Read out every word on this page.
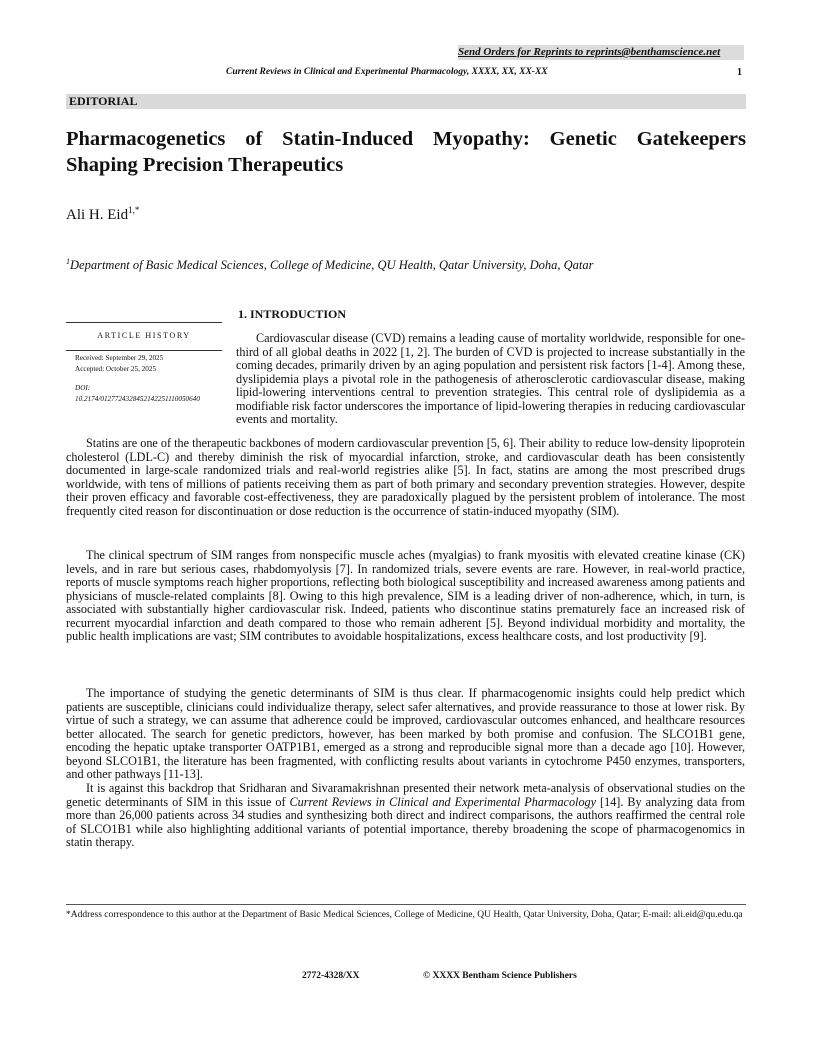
Send Orders for Reprints to reprints@benthamscience.net
Current Reviews in Clinical and Experimental Pharmacology, XXXX, XX, XX-XX	1
EDITORIAL
Pharmacogenetics of Statin-Induced Myopathy: Genetic Gatekeepers Shaping Precision Therapeutics
Ali H. Eid$^{1,*}$
$^1$Department of Basic Medical Sciences, College of Medicine, QU Health, Qatar University, Doha, Qatar
ARTICLE HISTORY
Received: September 29, 2025
Accepted: October 25, 2025
DOI:
10.2174/0127724328452142251110050640
1. INTRODUCTION
Cardiovascular disease (CVD) remains a leading cause of mortality worldwide, responsible for one-third of all global deaths in 2022 [1, 2]. The burden of CVD is projected to increase substantially in the coming decades, primarily driven by an aging population and persistent risk factors [1-4]. Among these, dyslipidemia plays a pivotal role in the pathogenesis of atherosclerotic cardiovascular disease, making lipid-lowering interventions central to prevention strategies. This central role of dyslipidemia as a modifiable risk factor underscores the importance of lipid-lowering therapies in reducing cardiovascular events and mortality.
Statins are one of the therapeutic backbones of modern cardiovascular prevention [5, 6]. Their ability to reduce low-density lipoprotein cholesterol (LDL-C) and thereby diminish the risk of myocardial infarction, stroke, and cardiovascular death has been consistently documented in large-scale randomized trials and real-world registries alike [5]. In fact, statins are among the most prescribed drugs worldwide, with tens of millions of patients receiving them as part of both primary and secondary prevention strategies. However, despite their proven efficacy and favorable cost-effectiveness, they are paradoxically plagued by the persistent problem of intolerance. The most frequently cited reason for discontinuation or dose reduction is the occurrence of statin-induced myopathy (SIM).
The clinical spectrum of SIM ranges from nonspecific muscle aches (myalgias) to frank myositis with elevated creatine kinase (CK) levels, and in rare but serious cases, rhabdomyolysis [7]. In randomized trials, severe events are rare. However, in real-world practice, reports of muscle symptoms reach higher proportions, reflecting both biological susceptibility and increased awareness among patients and physicians of muscle-related complaints [8]. Owing to this high prevalence, SIM is a leading driver of non-adherence, which, in turn, is associated with substantially higher cardiovascular risk. Indeed, patients who discontinue statins prematurely face an increased risk of recurrent myocardial infarction and death compared to those who remain adherent [5]. Beyond individual morbidity and mortality, the public health implications are vast; SIM contributes to avoidable hospitalizations, excess healthcare costs, and lost productivity [9].
The importance of studying the genetic determinants of SIM is thus clear. If pharmacogenomic insights could help predict which patients are susceptible, clinicians could individualize therapy, select safer alternatives, and provide reassurance to those at lower risk. By virtue of such a strategy, we can assume that adherence could be improved, cardiovascular outcomes enhanced, and healthcare resources better allocated. The search for genetic predictors, however, has been marked by both promise and confusion. The SLCO1B1 gene, encoding the hepatic uptake transporter OATP1B1, emerged as a strong and reproducible signal more than a decade ago [10]. However, beyond SLCO1B1, the literature has been fragmented, with conflicting results about variants in cytochrome P450 enzymes, transporters, and other pathways [11-13].
It is against this backdrop that Sridharan and Sivaramakrishnan presented their network meta-analysis of observational studies on the genetic determinants of SIM in this issue of Current Reviews in Clinical and Experimental Pharmacology [14]. By analyzing data from more than 26,000 patients across 34 studies and synthesizing both direct and indirect comparisons, the authors reaffirmed the central role of SLCO1B1 while also highlighting additional variants of potential importance, thereby broadening the scope of pharmacogenomics in statin therapy.
*Address correspondence to this author at the Department of Basic Medical Sciences, College of Medicine, QU Health, Qatar University, Doha, Qatar; E-mail: ali.eid@qu.edu.qa
2772-4328/XX	© XXXX Bentham Science Publishers
